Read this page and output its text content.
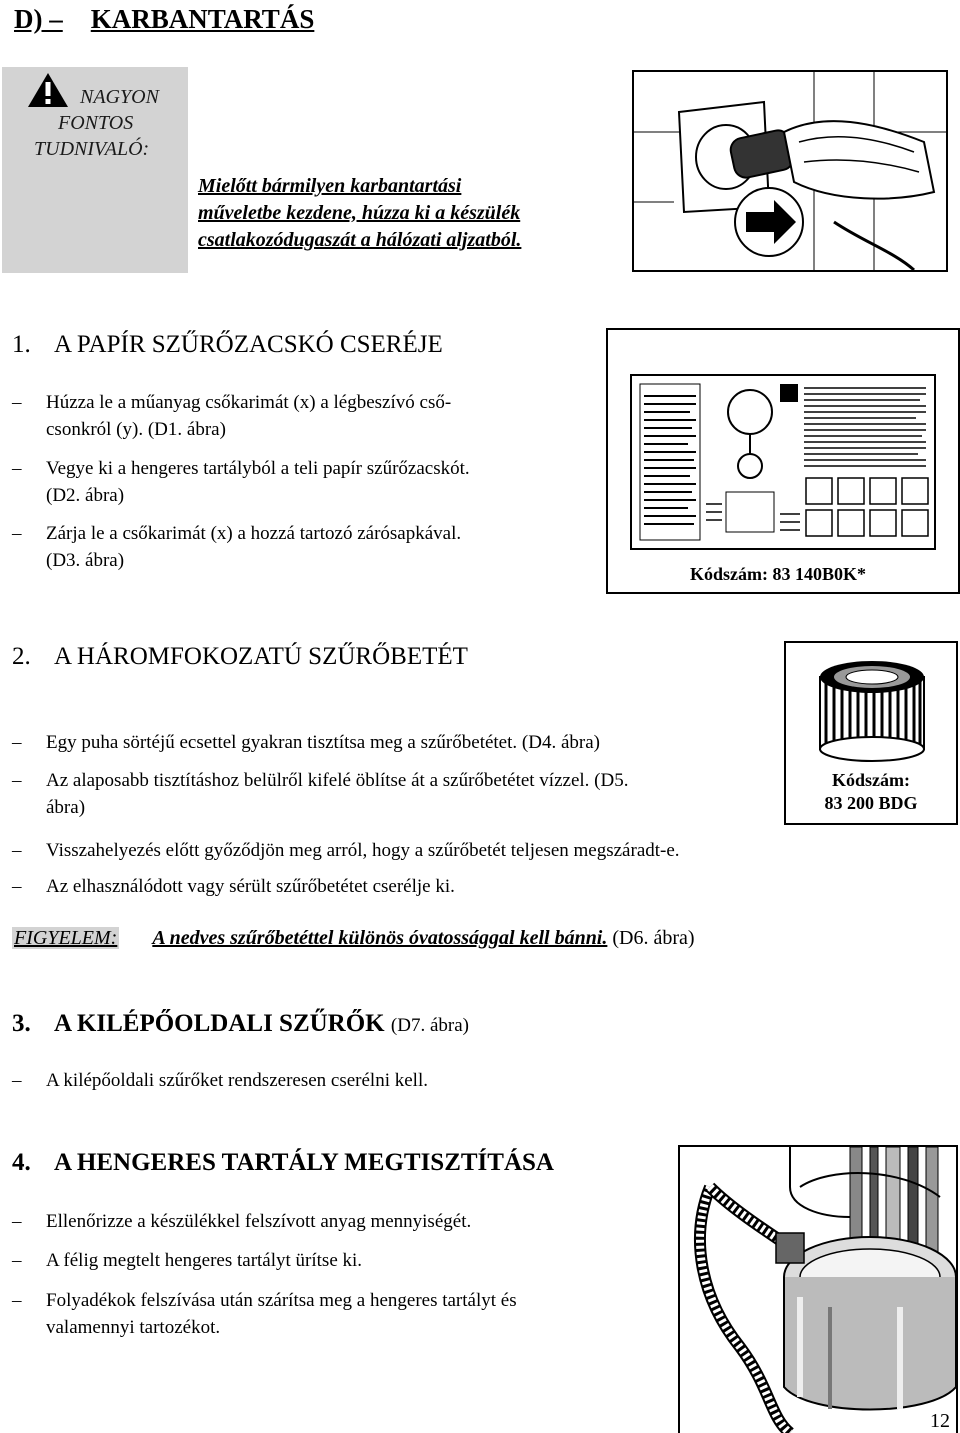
D) – KARBANTARTÁS
NAGYON
FONTOS
TUDNIVALÓ:
Mielőtt bármilyen karbantartási
műveletbe kezdene, húzza ki a készülék
csatlakozódugaszát a hálózati aljzatból.
1. A PAPÍR SZŰRŐZACSKÓ CSERÉJE
– Húzza le a műanyag csőkarimát (x) a légbeszívó cső-
csonkról (y). (D1. ábra)
– Vegye ki a hengeres tartályból a teli papír szűrőzacskót.
(D2. ábra)
– Zárja le a csőkarimát (x) a hozzá tartozó zárósapkával.
(D3. ábra)
Kódszám: 83 140B0K*
2. A HÁROMFOKOZATÚ SZŰRŐBETÉT
Kódszám:
83 200 BDG
– Egy puha sörtéjű ecsettel gyakran tisztítsa meg a szűrőbetétet. (D4. ábra)
– Az alaposabb tisztításhoz belülről kifelé öblítse át a szűrőbetétet vízzel. (D5.
ábra)
– Visszahelyezés előtt győződjön meg arról, hogy a szűrőbetét teljesen megszáradt-e.
– Az elhasználódott vagy sérült szűrőbetétet cserélje ki.
FIGYELEM: A nedves szűrőbetéttel különös óvatossággal kell bánni. (D6. ábra)
3. A KILÉPŐOLDALI SZŰRŐK (D7. ábra)
– A kilépőoldali szűrőket rendszeresen cserélni kell.
4. A HENGERES TARTÁLY MEGTISZTÍTÁSA
– Ellenőrizze a készülékkel felszívott anyag mennyiségét.
– A félig megtelt hengeres tartályt ürítse ki.
– Folyadékok felszívása után szárítsa meg a hengeres tartályt és
valamennyi tartozékot.
12
